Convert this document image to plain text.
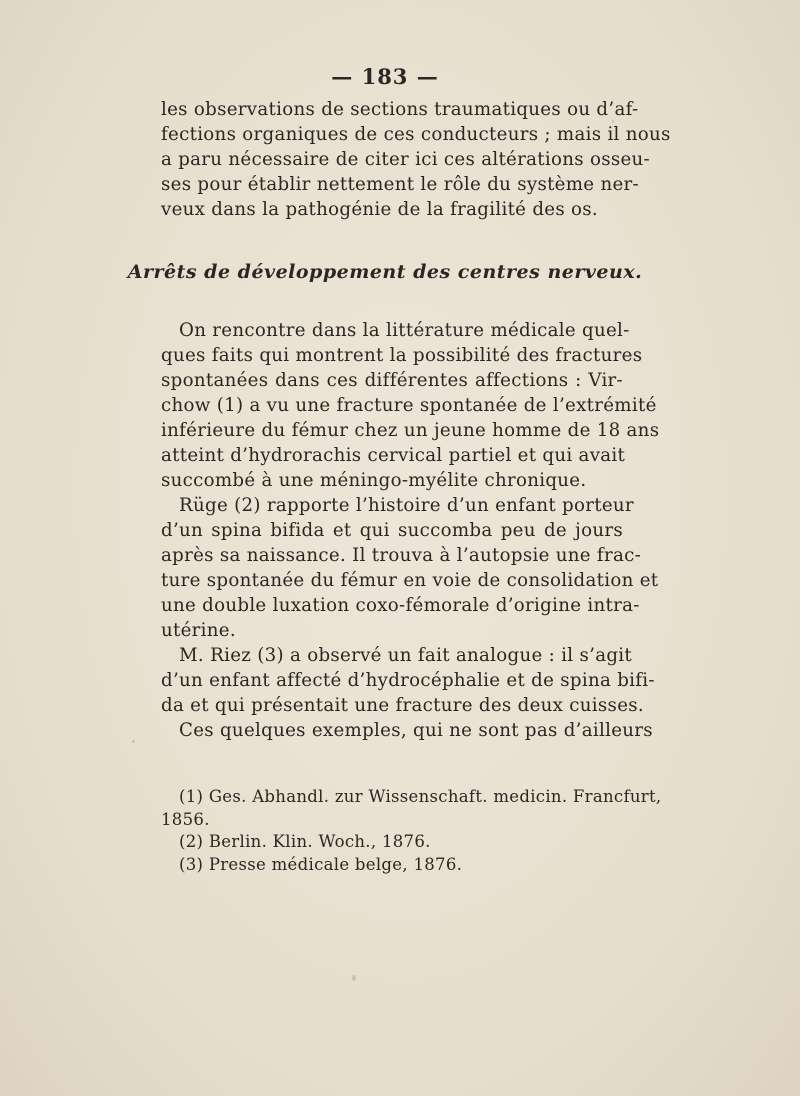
— 183 —
les observations de sections traumatiques ou d’af-
fections organiques de ces conducteurs ; mais il nous
a paru nécessaire de citer ici ces altérations osseu-
ses pour établir nettement le rôle du système ner-
veux dans la pathogénie de la fragilité des os.
Arrêts de développement des centres nerveux.
On rencontre dans la littérature médicale quel-
ques faits qui montrent la possibilité des fractures
spontanées dans ces différentes affections : Vir-
chow (1) a vu une fracture spontanée de l’extrémité
inférieure du fémur chez un jeune homme de 18 ans
atteint d’hydrorachis cervical partiel et qui avait
succombé à une méningo-myélite chronique.
Rüge (2) rapporte l’histoire d’un enfant porteur
d’un spina bifida et qui succomba peu de jours
après sa naissance. Il trouva à l’autopsie une frac-
ture spontanée du fémur en voie de consolidation et
une double luxation coxo-fémorale d’origine intra-
utérine.
M. Riez (3) a observé un fait analogue : il s’agit
d’un enfant affecté d’hydrocéphalie et de spina bifi-
da et qui présentait une fracture des deux cuisses.
Ces quelques exemples, qui ne sont pas d’ailleurs
(1) Ges. Abhandl. zur Wissenschaft. medicin. Francfurt,
1856.
(2) Berlin. Klin. Woch., 1876.
(3) Presse médicale belge, 1876.
